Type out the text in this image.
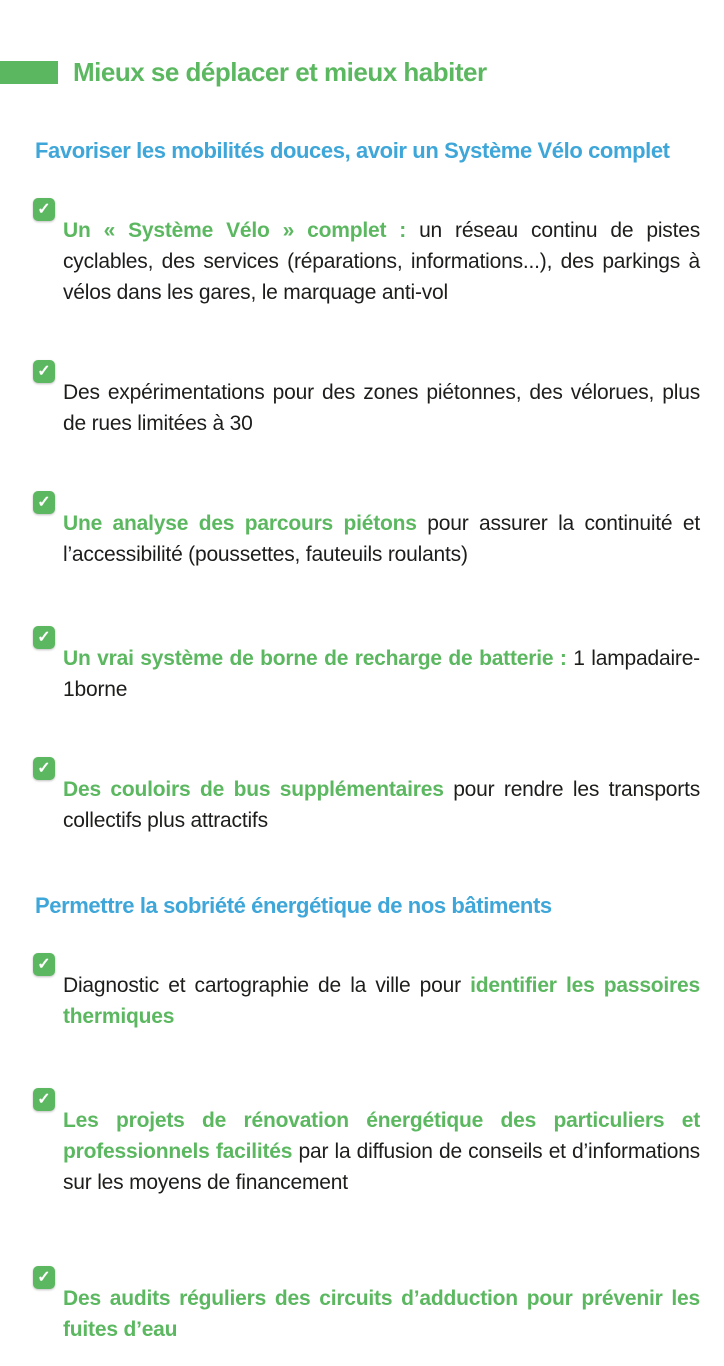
Mieux se déplacer et mieux habiter
Favoriser les mobilités douces, avoir un Système Vélo complet
✓

Un « Système Vélo » complet : un réseau continu de pistes cyclables, des services (réparations, informations...), des parkings à vélos dans les gares, le marquage anti-vol

✓

Des expérimentations pour des zones piétonnes, des vélorues, plus de rues limitées à 30

✓

Une analyse des parcours piétons pour assurer la continuité et l’accessibilité (poussettes, fauteuils roulants)

✓

Un vrai système de borne de recharge de batterie : 1 lampadaire-1borne

✓

Des couloirs de bus supplémentaires pour rendre les transports collectifs plus attractifs

Permettre la sobriété énergétique de nos bâtiments
✓

Diagnostic et cartographie de la ville pour identifier les passoires thermiques

✓

Les projets de rénovation énergétique des particuliers et professionnels facilités par la diffusion de conseils et d’informations sur les moyens de financement

✓

Des audits réguliers des circuits d’adduction pour prévenir les fuites d’eau
